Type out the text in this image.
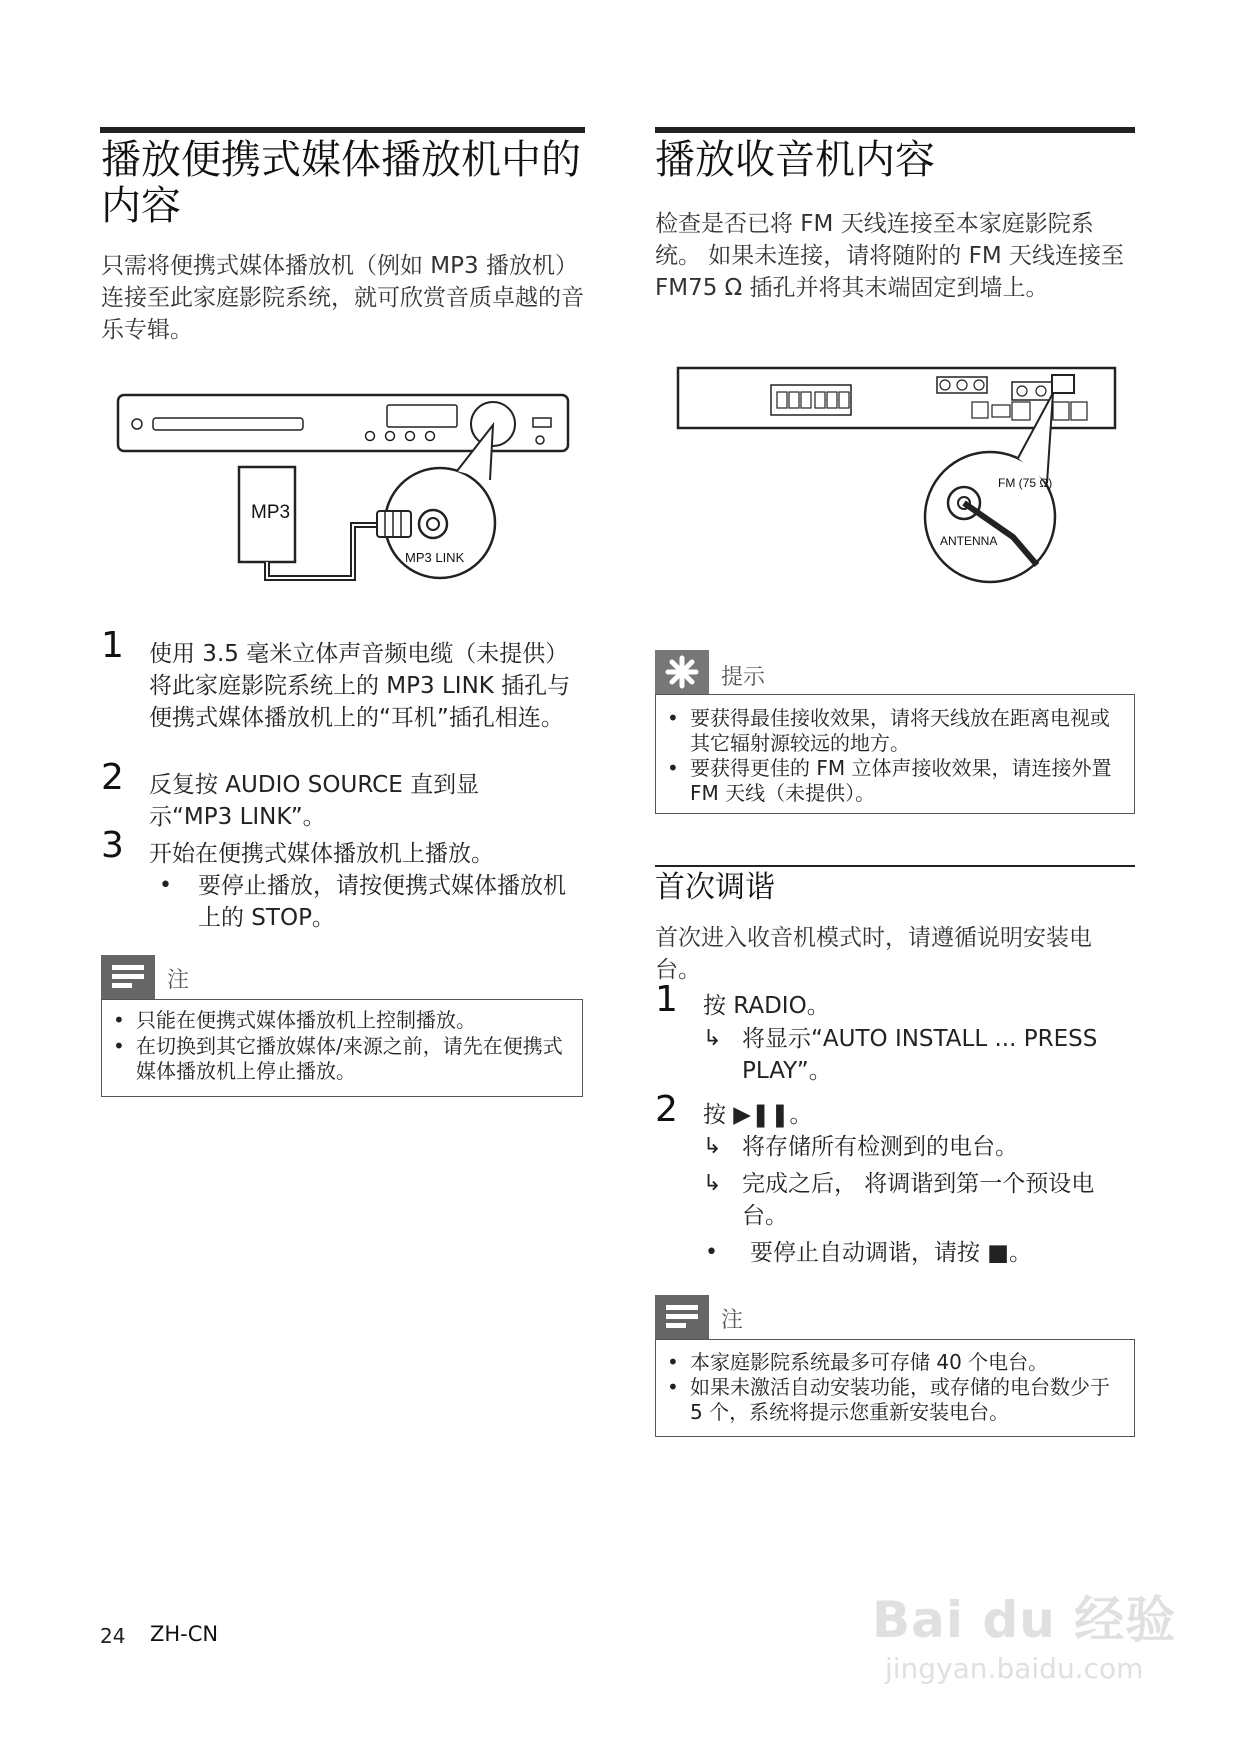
播放便携式媒体播放机中的内容

只需将便携式媒体播放机（例如 MP3 播放机）连接至此家庭影院系统，就可欣赏音质卓越的音乐专辑。

MP3
MP3 LINK
1 使用 3.5 毫米立体声音频电缆（未提供）将此家庭影院系统上的 MP3 LINK 插孔与便携式媒体播放机上的“耳机”插孔相连。

2 反复按 AUDIO SOURCE 直到显示“MP3 LINK”。

3 开始在便携式媒体播放机上播放。

• 要停止播放，请按便携式媒体播放机上的 STOP。

注
• 只能在便携式媒体播放机上控制播放。

• 在切换到其它播放媒体/来源之前，请先在便携式媒体播放机上停止播放。

播放收音机内容

检查是否已将 FM 天线连接至本家庭影院系统。 如果未连接，请将随附的 FM 天线连接至 FM75 Ω 插孔并将其末端固定到墙上。

FM (75 Ω)
ANTENNA
提示
• 要获得最佳接收效果，请将天线放在距离电视或其它辐射源较远的地方。

• 要获得更佳的 FM 立体声接收效果，请连接外置 FM 天线（未提供）。

首次调谐

首次进入收音机模式时，请遵循说明安装电台。

1 按 RADIO。

↳ 将显示“AUTO INSTALL ... PRESS PLAY”。

2 按 ▶❚❚。

↳ 将存储所有检测到的电台。

↳ 完成之后， 将调谐到第一个预设电台。

• 要停止自动调谐，请按 ■。

注
• 本家庭影院系统最多可存储 40 个电台。

• 如果未激活自动安装功能，或存储的电台数少于 5 个，系统将提示您重新安装电台。

24 ZH-CN	Bai du 经验
jingyan.baidu.com
